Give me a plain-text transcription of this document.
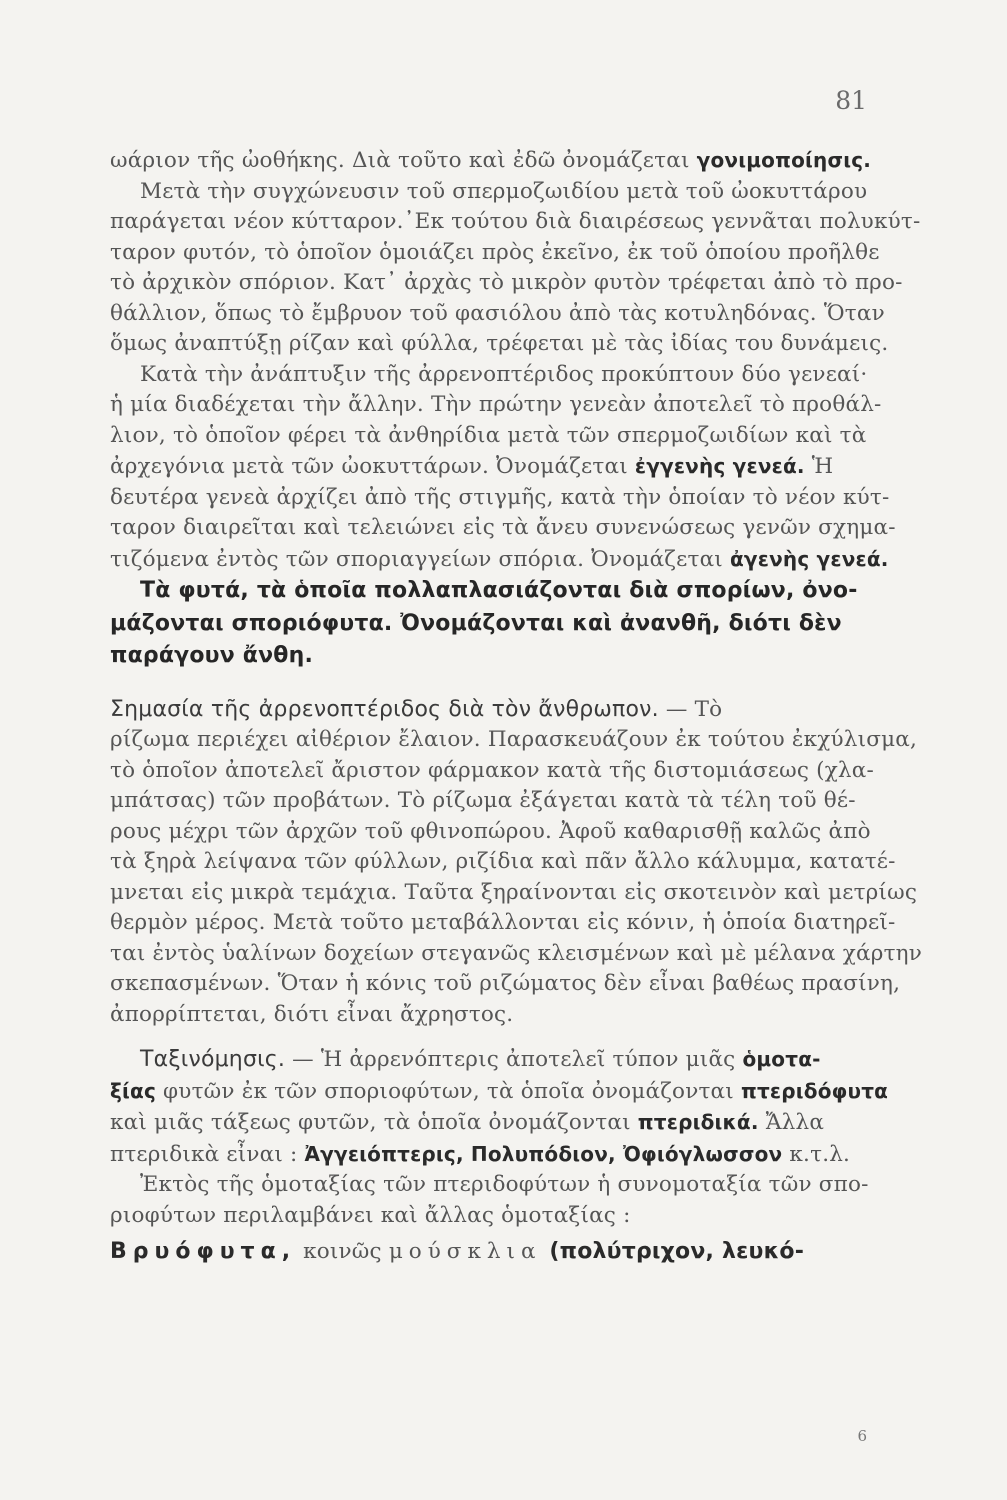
81
ωάριον τῆς ὠοθήκης. Διὰ τοῦτο καὶ ἐδῶ ὀνομάζεται γονιμοποίησις.
Μετὰ τὴν συγχώνευσιν τοῦ σπερμοζωιδίου μετὰ τοῦ ὠοκυττάρου
παράγεται νέον κύτταρον.᾿Εκ τούτου διὰ διαιρέσεως γεννᾶται πολυκύτ-
ταρον φυτόν, τὸ ὁποῖον ὁμοιάζει πρὸς ἐκεῖνο, ἐκ τοῦ ὁποίου προῆλθε
τὸ ἀρχικὸν σπόριον. Κατ᾿ ἀρχὰς τὸ μικρὸν φυτὸν τρέφεται ἀπὸ τὸ προ-
θάλλιον, ὅπως τὸ ἔμβρυον τοῦ φασιόλου ἀπὸ τὰς κοτυληδόνας. Ὅταν
ὅμως ἀναπτύξῃ ρίζαν καὶ φύλλα, τρέφεται μὲ τὰς ἰδίας του δυνάμεις.
Κατὰ τὴν ἀνάπτυξιν τῆς ἀρρενοπτέριδος προκύπτουν δύο γενεαί·
ἡ μία διαδέχεται τὴν ἄλλην. Τὴν πρώτην γενεὰν ἀποτελεῖ τὸ προθάλ-
λιον, τὸ ὁποῖον φέρει τὰ ἀνθηρίδια μετὰ τῶν σπερμοζωιδίων καὶ τὰ
ἀρχεγόνια μετὰ τῶν ὠοκυττάρων. Ὀνομάζεται ἐγγενὴς γενεά. Ἡ
δευτέρα γενεὰ ἀρχίζει ἀπὸ τῆς στιγμῆς, κατὰ τὴν ὁποίαν τὸ νέον κύτ-
ταρον διαιρεῖται καὶ τελειώνει εἰς τὰ ἄνευ συνενώσεως γενῶν σχημα-
τιζόμενα ἐντὸς τῶν σποριαγγείων σπόρια. Ὀνομάζεται ἀγενὴς γενεά.
Τὰ φυτά, τὰ ὁποῖα πολλαπλασιάζονται διὰ σπορίων, ὀνο-
μάζονται σποριόφυτα. Ὀνομάζονται καὶ ἀνανθῆ, διότι δὲν
παράγουν ἄνθη.
Σημασία τῆς ἀρρενοπτέριδος διὰ τὸν ἄνθρωπον. — Τὸ
ρίζωμα περιέχει αἰθέριον ἔλαιον. Παρασκευάζουν ἐκ τούτου ἐκχύλισμα,
τὸ ὁποῖον ἀποτελεῖ ἄριστον φάρμακον κατὰ τῆς διστομιάσεως (χλα-
μπάτσας) τῶν προβάτων. Τὸ ρίζωμα ἐξάγεται κατὰ τὰ τέλη τοῦ θέ-
ρους μέχρι τῶν ἀρχῶν τοῦ φθινοπώρου. Ἀφοῦ καθαρισθῇ καλῶς ἀπὸ
τὰ ξηρὰ λείψανα τῶν φύλλων, ριζίδια καὶ πᾶν ἄλλο κάλυμμα, κατατέ-
μνεται εἰς μικρὰ τεμάχια. Ταῦτα ξηραίνονται εἰς σκοτεινὸν καὶ μετρίως
θερμὸν μέρος. Μετὰ τοῦτο μεταβάλλονται εἰς κόνιν, ἡ ὁποία διατηρεῖ-
ται ἐντὸς ὑαλίνων δοχείων στεγανῶς κλεισμένων καὶ μὲ μέλανα χάρτην
σκεπασμένων. Ὅταν ἡ κόνις τοῦ ριζώματος δὲν εἶναι βαθέως πρασίνη,
ἀπορρίπτεται, διότι εἶναι ἄχρηστος.
Ταξινόμησις. — Ἡ ἀρρενόπτερις ἀποτελεῖ τύπον μιᾶς ὁμοτα-
ξίας φυτῶν ἐκ τῶν σποριοφύτων, τὰ ὁποῖα ὀνομάζονται πτεριδόφυτα
καὶ μιᾶς τάξεως φυτῶν, τὰ ὁποῖα ὀνομάζονται πτεριδικά. Ἄλλα
πτεριδικὰ εἶναι : Ἀγγειόπτερις, Πολυπόδιον, Ὀφιόγλωσσον κ.τ.λ.
Ἐκτὸς τῆς ὁμοταξίας τῶν πτεριδοφύτων ἡ συνομοταξία τῶν σπο-
ριοφύτων περιλαμβάνει καὶ ἄλλας ὁμοταξίας :
Βρυόφυτα, κοινῶς μούσκλια (πολύτριχον, λευκό-
6
